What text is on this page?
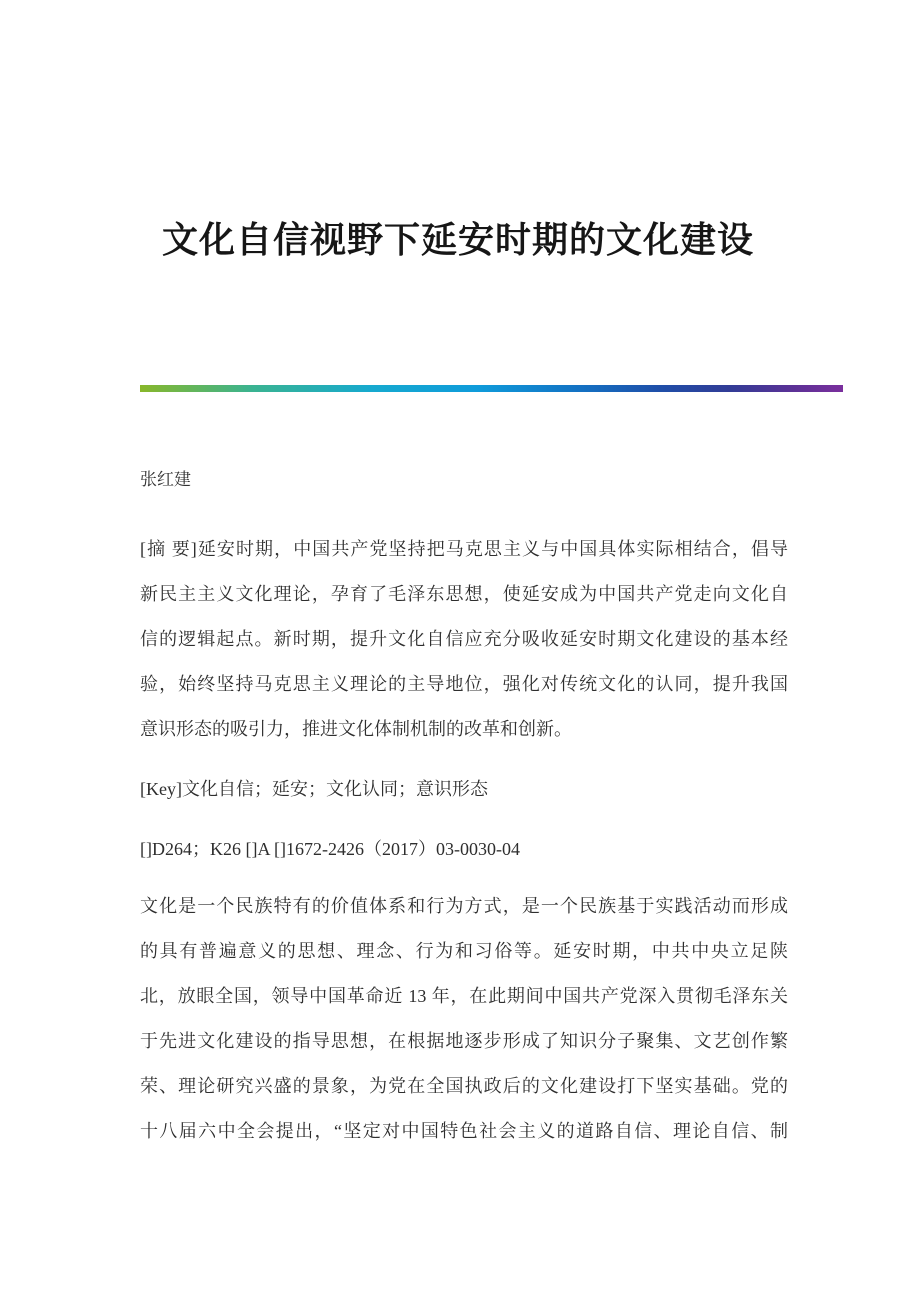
文化自信视野下延安时期的文化建设
张红建
[摘 要]延安时期，中国共产党坚持把马克思主义与中国具体实际相结合，倡导
新民主主义文化理论，孕育了毛泽东思想，使延安成为中国共产党走向文化自
信的逻辑起点。新时期，提升文化自信应充分吸收延安时期文化建设的基本经
验，始终坚持马克思主义理论的主导地位，强化对传统文化的认同，提升我国
意识形态的吸引力，推进文化体制机制的改革和创新。
[Key]文化自信；延安；文化认同；意识形态
[]D264；K26 []A []1672-2426（2017）03-0030-04
文化是一个民族特有的价值体系和行为方式，是一个民族基于实践活动而形成
的具有普遍意义的思想、理念、行为和习俗等。延安时期，中共中央立足陕
北，放眼全国，领导中国革命近 13 年，在此期间中国共产党深入贯彻毛泽东关
于先进文化建设的指导思想，在根据地逐步形成了知识分子聚集、文艺创作繁
荣、理论研究兴盛的景象，为党在全国执政后的文化建设打下坚实基础。党的
十八届六中全会提出，“坚定对中国特色社会主义的道路自信、理论自信、制
